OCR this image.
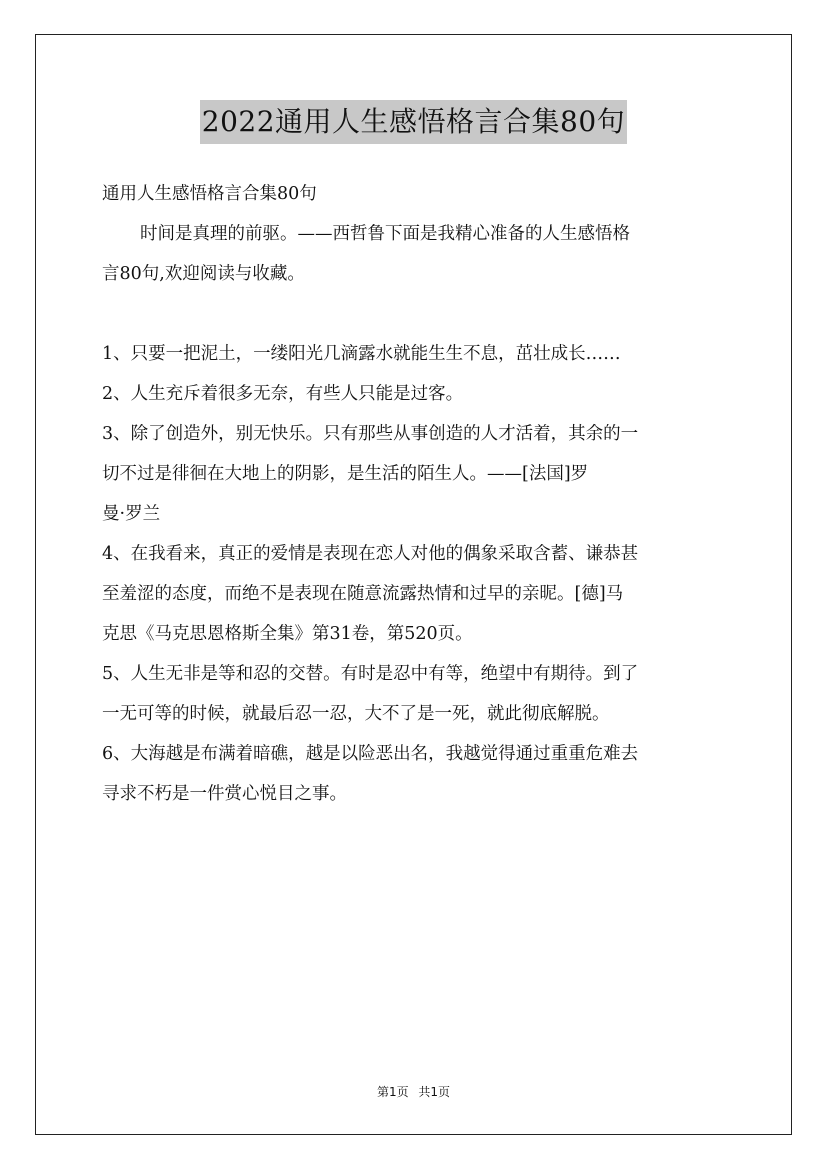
2022通用人生感悟格言合集80句
通用人生感悟格言合集80句
时间是真理的前驱。——西哲鲁下面是我精心准备的人生感悟格
言80句,欢迎阅读与收藏。
1、只要一把泥土，一缕阳光几滴露水就能生生不息，茁壮成长……
2、人生充斥着很多无奈，有些人只能是过客。
3、除了创造外，别无快乐。只有那些从事创造的人才活着，其余的一
切不过是徘徊在大地上的阴影，是生活的陌生人。——[法国]罗
曼·罗兰
4、在我看来，真正的爱情是表现在恋人对他的偶象采取含蓄、谦恭甚
至羞涩的态度，而绝不是表现在随意流露热情和过早的亲昵。[德]马
克思《马克思恩格斯全集》第31卷，第520页。
5、人生无非是等和忍的交替。有时是忍中有等，绝望中有期待。到了
一无可等的时候，就最后忍一忍，大不了是一死，就此彻底解脱。
6、大海越是布满着暗礁，越是以险恶出名，我越觉得通过重重危难去
寻求不朽是一件赏心悦目之事。
第1页 共1页
